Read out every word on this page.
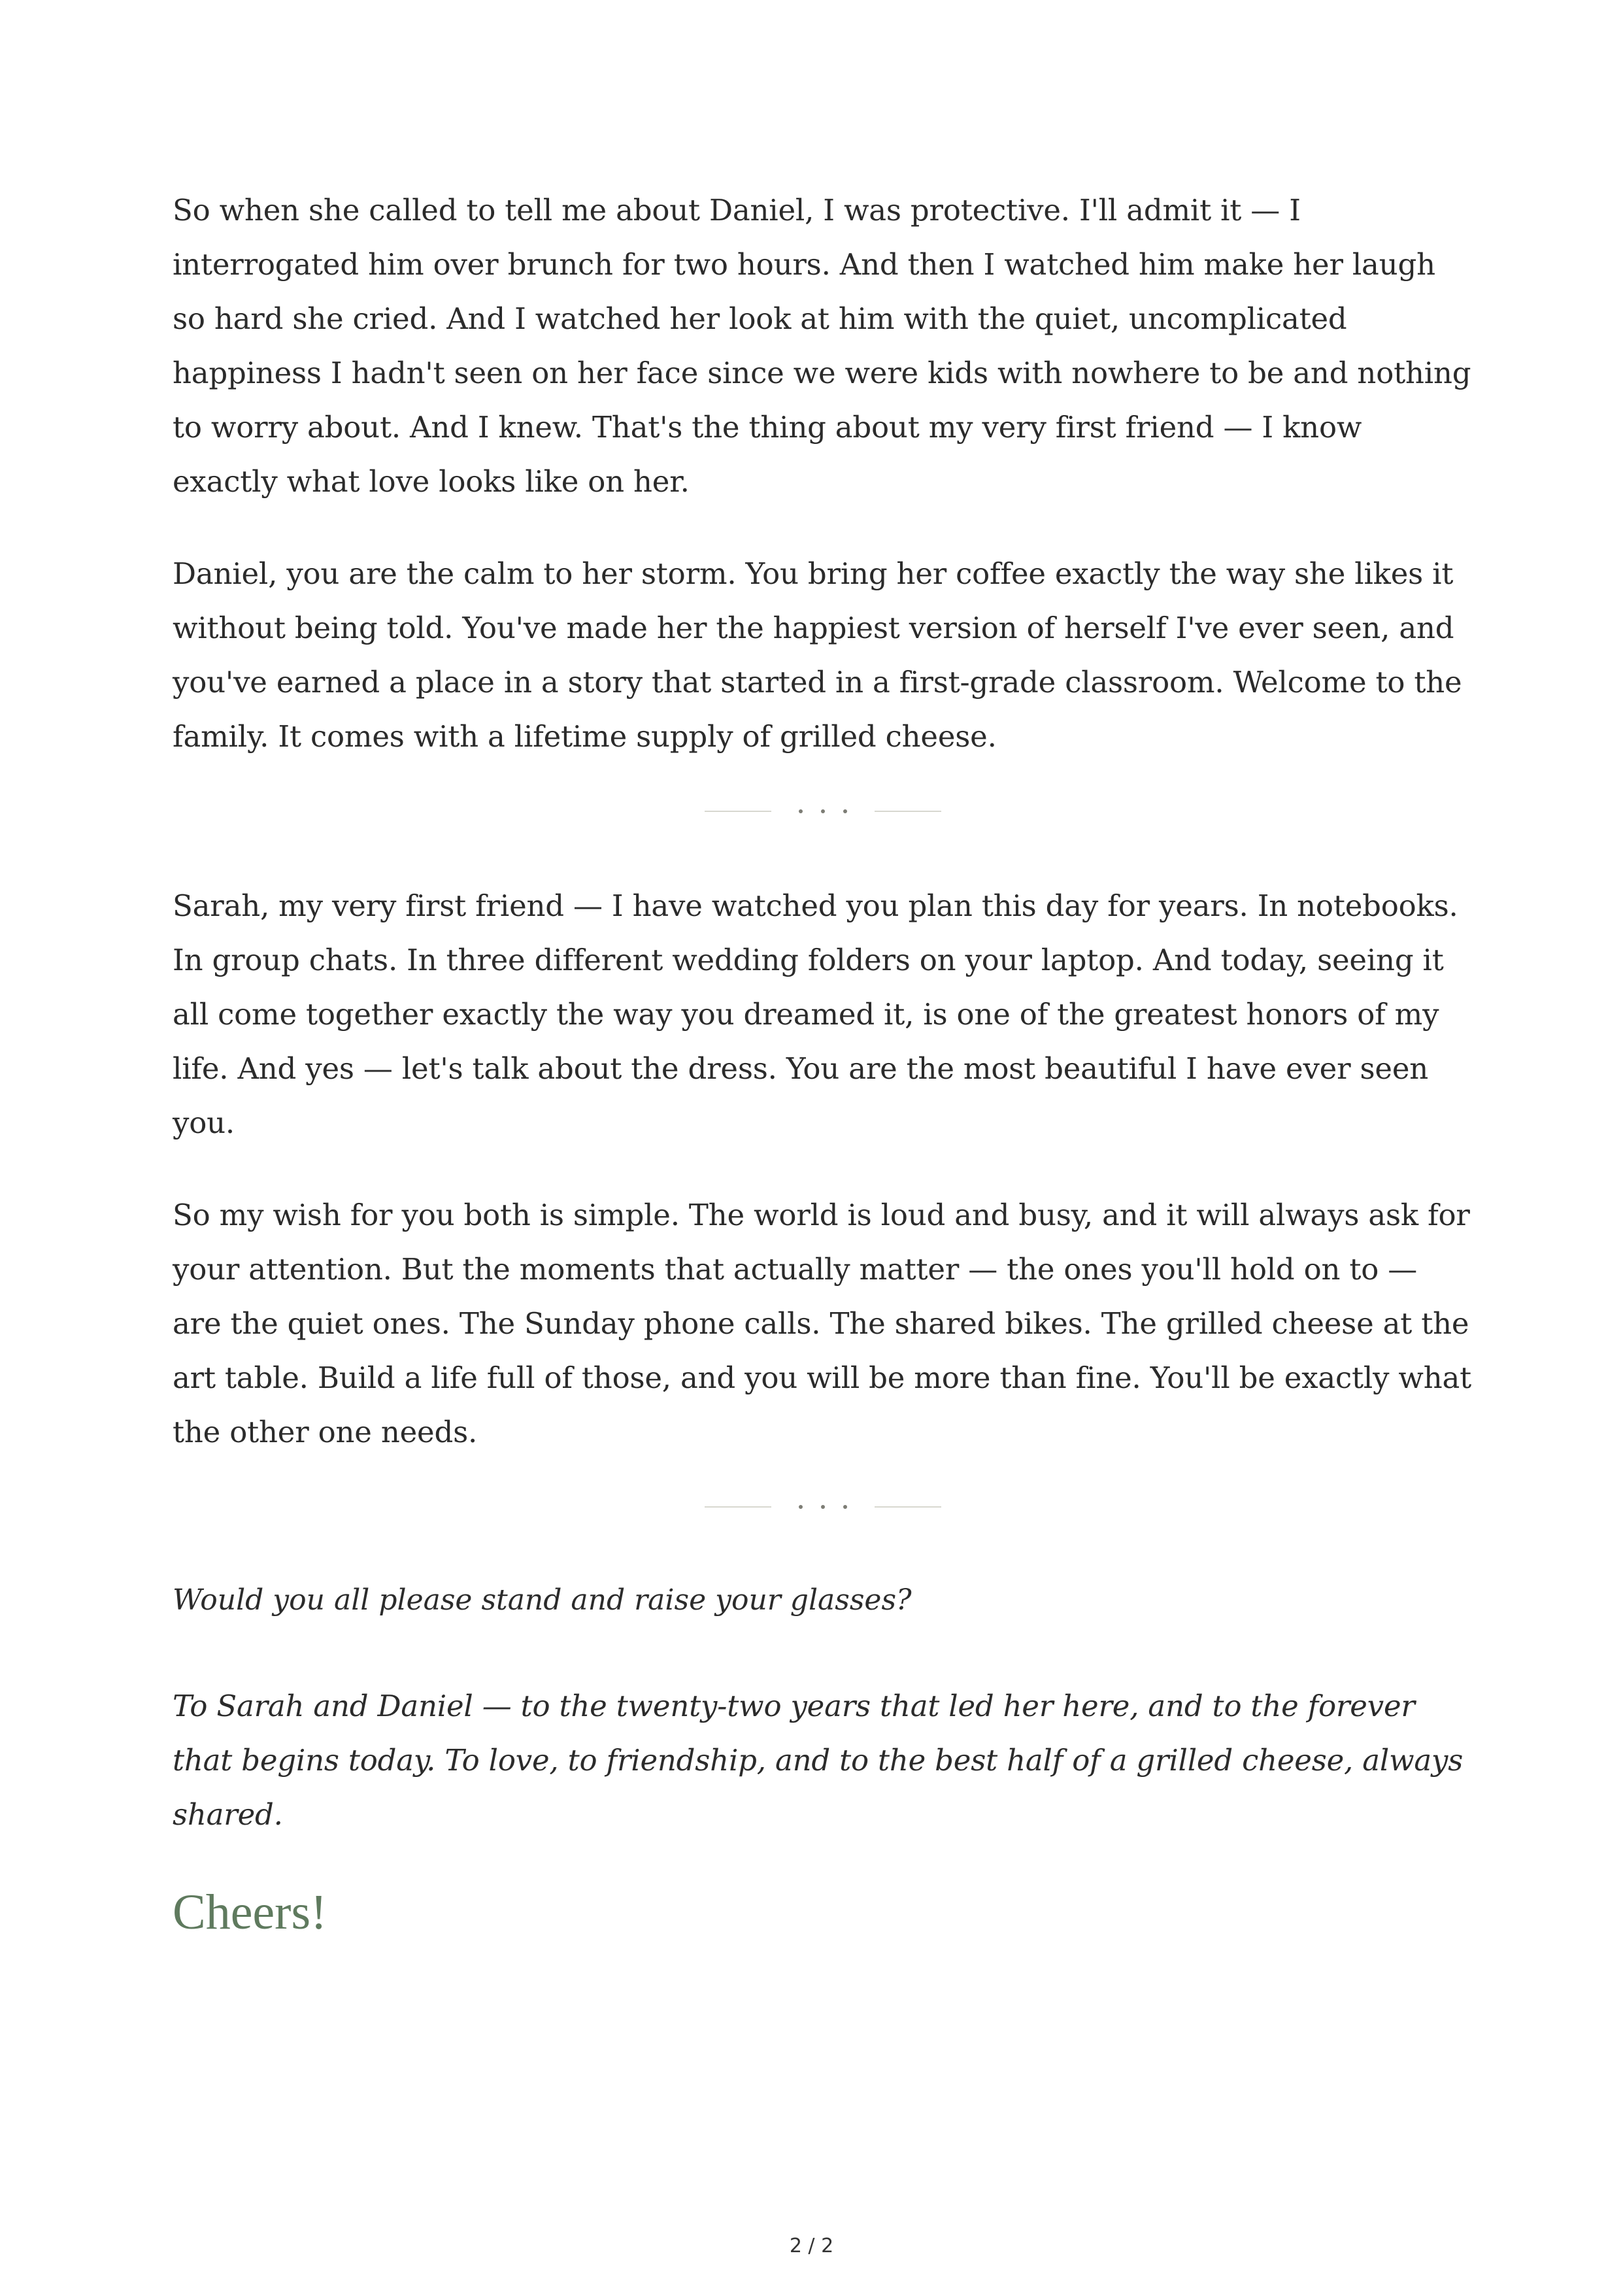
So when she called to tell me about Daniel, I was protective. I'll admit it — I interrogated him over brunch for two hours. And then I watched him make her laugh so hard she cried. And I watched her look at him with the quiet, uncomplicated happiness I hadn't seen on her face since we were kids with nowhere to be and nothing to worry about. And I knew. That's the thing about my very first friend — I know exactly what love looks like on her.

Daniel, you are the calm to her storm. You bring her coffee exactly the way she likes it without being told. You've made her the happiest version of herself I've ever seen, and you've earned a place in a story that started in a first-grade classroom. Welcome to the family. It comes with a lifetime supply of grilled cheese.

Sarah, my very first friend — I have watched you plan this day for years. In notebooks. In group chats. In three different wedding folders on your laptop. And today, seeing it all come together exactly the way you dreamed it, is one of the greatest honors of my life. And yes — let's talk about the dress. You are the most beautiful I have ever seen you.

So my wish for you both is simple. The world is loud and busy, and it will always ask for your attention. But the moments that actually matter — the ones you'll hold on to — are the quiet ones. The Sunday phone calls. The shared bikes. The grilled cheese at the art table. Build a life full of those, and you will be more than fine. You'll be exactly what the other one needs.

Would you all please stand and raise your glasses?

To Sarah and Daniel — to the twenty-two years that led her here, and to the forever that begins today. To love, to friendship, and to the best half of a grilled cheese, always shared.

Cheers!

2 / 2
